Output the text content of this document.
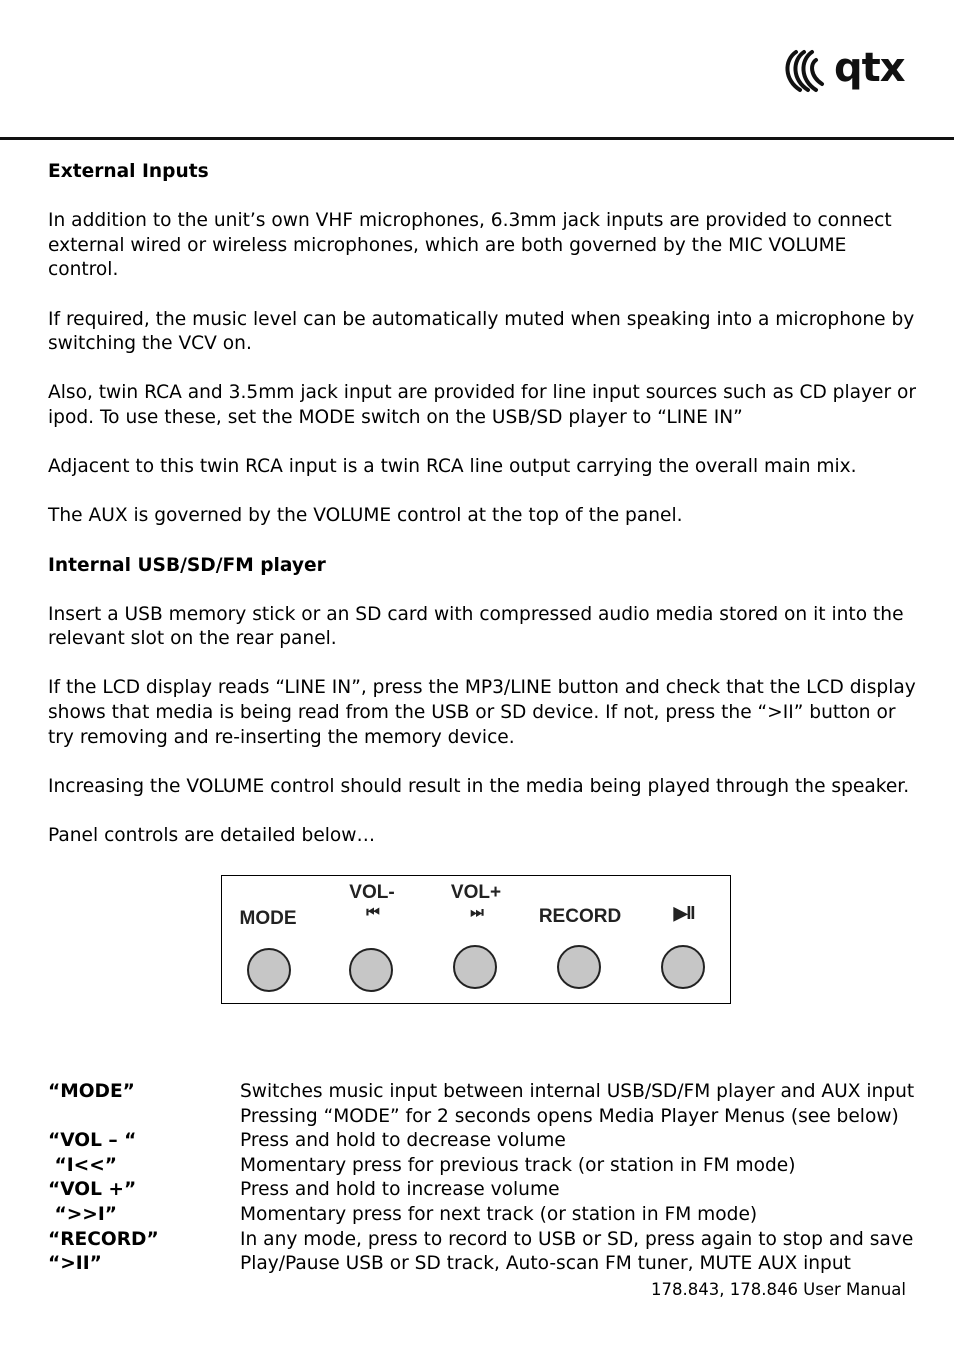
qtx
External Inputs

In addition to the unit’s own VHF microphones, 6.3mm jack inputs are provided to connect external wired or wireless microphones, which are both governed by the MIC VOLUME control.

If required, the music level can be automatically muted when speaking into a microphone by switching the VCV on.

Also, twin RCA and 3.5mm jack input are provided for line input sources such as CD player or ipod. To use these, set the MODE switch on the USB/SD player to “LINE IN”

Adjacent to this twin RCA input is a twin RCA line output carrying the overall main mix.

The AUX is governed by the VOLUME control at the top of the panel.

Internal USB/SD/FM player

Insert a USB memory stick or an SD card with compressed audio media stored on it into the relevant slot on the rear panel.

If the LCD display reads “LINE IN”, press the MP3/LINE button and check that the LCD display shows that media is being read from the USB or SD device. If not, press the “>II” button or try removing and re-inserting the memory device.

Increasing the VOLUME control should result in the media being played through the speaker.

Panel controls are detailed below…

MODE
VOL-
⏮
VOL+
⏭	RECORD	▶II
“MODE”	Switches music input between internal USB/SD/FM player and AUX input
Pressing “MODE” for 2 seconds opens Media Player Menus (see below)
“VOL – “	Press and hold to decrease volume
“I<<”	Momentary press for previous track (or station in FM mode)
“VOL +”	Press and hold to increase volume
“>>I”	Momentary press for next track (or station in FM mode)
“RECORD”	In any mode, press to record to USB or SD, press again to stop and save
“>II”	Play/Pause USB or SD track, Auto-scan FM tuner, MUTE AUX input
178.843, 178.846 User Manual
